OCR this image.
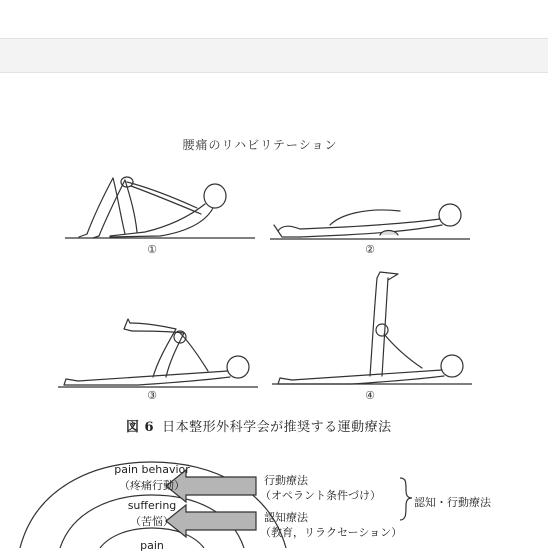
腰痛のリハビリテーション
①	②
③	④
図 6 日本整形外科学会が推奨する運動療法
pain behavior
（疼痛行動）
suffering
（苦悩）
pain
行動療法
（オペラント条件づけ）
認知療法
（教育，リラクセーション）
認知・行動療法
